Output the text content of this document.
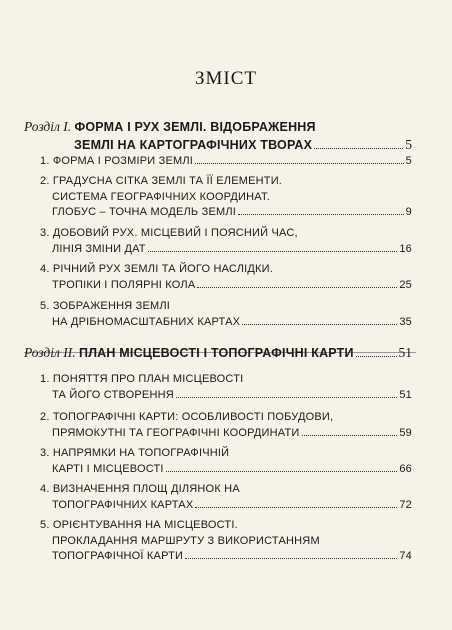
ЗМІСТ
Розділ І. ФОРМА І РУХ ЗЕМЛІ. ВІДОБРАЖЕННЯ
ЗЕМЛІ НА КАРТОГРАФІЧНИХ ТВОРАХ	5
1. ФОРМА І РОЗМІРИ ЗЕМЛІ	5
2. ГРАДУСНА СІТКА ЗЕМЛІ ТА ЇЇ ЕЛЕМЕНТИ.
СИСТЕМА ГЕОГРАФІЧНИХ КООРДИНАТ.
ГЛОБУС – ТОЧНА МОДЕЛЬ ЗЕМЛІ	9
3. ДОБОВИЙ РУХ. МІСЦЕВИЙ І ПОЯСНИЙ ЧАС,
ЛІНІЯ ЗМІНИ ДАТ	16
4. РІЧНИЙ РУХ ЗЕМЛІ ТА ЙОГО НАСЛІДКИ.
ТРОПІКИ І ПОЛЯРНІ КОЛА	25
5. ЗОБРАЖЕННЯ ЗЕМЛІ
НА ДРІБНОМАСШТАБНИХ КАРТАХ	35
Розділ ІІ. ПЛАН МІСЦЕВОСТІ І ТОПОГРАФІЧНІ КАРТИ	51
1. ПОНЯТТЯ ПРО ПЛАН МІСЦЕВОСТІ
ТА ЙОГО СТВОРЕННЯ	51
2. ТОПОГРАФІЧНІ КАРТИ: ОСОБЛИВОСТІ ПОБУДОВИ,
ПРЯМОКУТНІ ТА ГЕОГРАФІЧНІ КООРДИНАТИ	59
3. НАПРЯМКИ НА ТОПОГРАФІЧНІЙ
КАРТІ І МІСЦЕВОСТІ	66
4. ВИЗНАЧЕННЯ ПЛОЩ ДІЛЯНОК НА
ТОПОГРАФІЧНИХ КАРТАХ	72
5. ОРІЄНТУВАННЯ НА МІСЦЕВОСТІ.
ПРОКЛАДАННЯ МАРШРУТУ З ВИКОРИСТАННЯМ
ТОПОГРАФІЧНОЇ КАРТИ	74
